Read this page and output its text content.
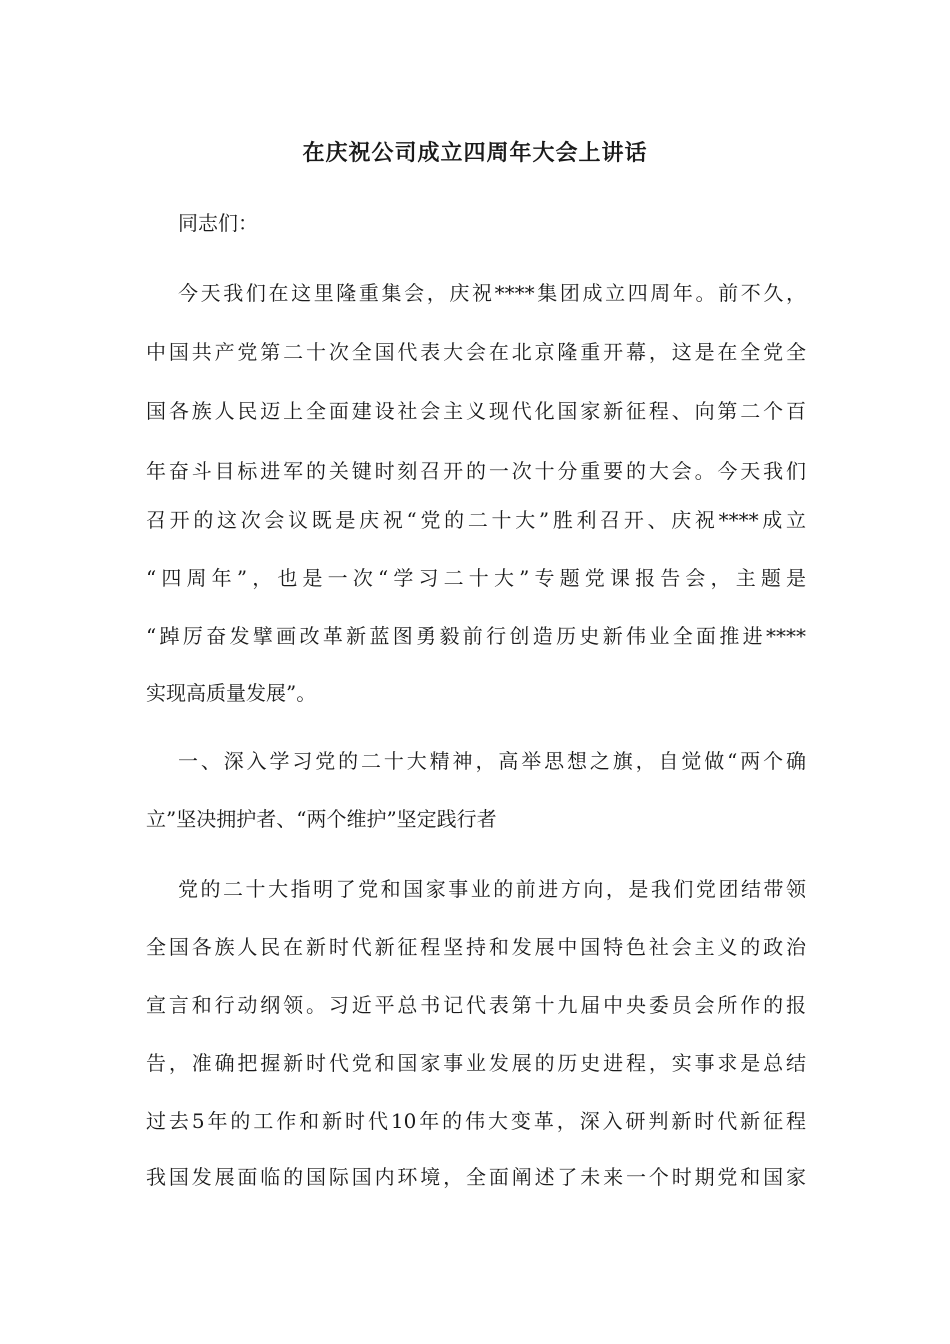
在庆祝公司成立四周年大会上讲话
同志们：
今天我们在这里隆重集会，庆祝****集团成立四周年。前不久，
中国共产党第二十次全国代表大会在北京隆重开幕，这是在全党全
国各族人民迈上全面建设社会主义现代化国家新征程、向第二个百
年奋斗目标进军的关键时刻召开的一次十分重要的大会。今天我们
召开的这次会议既是庆祝“党的二十大”胜利召开、庆祝****成立
“四周年”，也是一次“学习二十大”专题党课报告会，主题是
“踔厉奋发擘画改革新蓝图勇毅前行创造历史新伟业全面推进****
实现高质量发展”。
一、深入学习党的二十大精神，高举思想之旗，自觉做“两个确
立”坚决拥护者、“两个维护”坚定践行者
党的二十大指明了党和国家事业的前进方向，是我们党团结带领
全国各族人民在新时代新征程坚持和发展中国特色社会主义的政治
宣言和行动纲领。习近平总书记代表第十九届中央委员会所作的报
告，准确把握新时代党和国家事业发展的历史进程，实事求是总结
过去5年的工作和新时代10年的伟大变革，深入研判新时代新征程
我国发展面临的国际国内环境，全面阐述了未来一个时期党和国家
